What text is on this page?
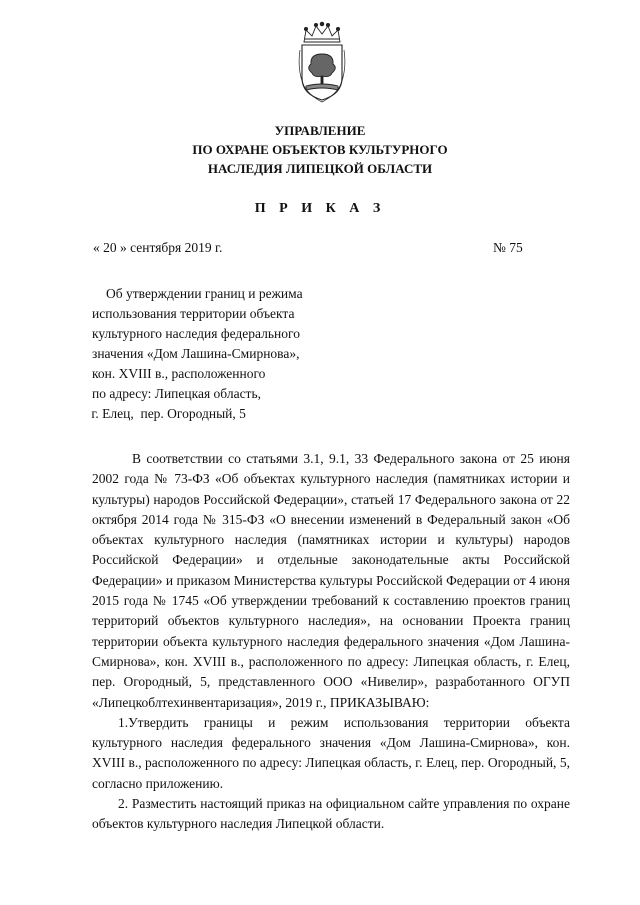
УПРАВЛЕНИЕ
ПО ОХРАНЕ ОБЪЕКТОВ КУЛЬТУРНОГО
НАСЛЕДИЯ ЛИПЕЦКОЙ ОБЛАСТИ
П Р И К А З
« 20 » сентября 2019 г.	№ 75
Об утверждении границ и режима
использования территории объекта
культурного наследия федерального
значения «Дом Лашина-Смирнова»,
кон. XVIII в., расположенного
по адресу: Липецкая область,
г. Елец,  пер. Огородный, 5

В соответствии со статьями 3.1, 9.1, 33 Федерального закона от 25 июня 2002 года № 73-ФЗ «Об объектах культурного наследия (памятниках истории и культуры) народов Российской Федерации», статьей 17 Федерального закона от 22 октября 2014 года № 315-ФЗ «О внесении изменений в Федеральный закон «Об объектах культурного наследия (памятниках истории и культуры) народов Российской Федерации» и отдельные законодательные акты Российской Федерации» и приказом Министерства культуры Российской Федерации от 4 июня 2015 года № 1745 «Об утверждении требований к составлению проектов границ территорий объектов культурного наследия», на основании Проекта границ территории объекта культурного наследия федерального значения «Дом Лашина-Смирнова», кон. XVIII в., расположенного по адресу: Липецкая область, г. Елец, пер. Огородный, 5, представленного ООО «Нивелир», разработанного ОГУП «Липецкоблтехинвентаризация», 2019 г., ПРИКАЗЫВАЮ:

1.Утвердить границы и режим использования территории объекта культурного наследия федерального значения «Дом Лашина-Смирнова», кон. XVIII в., расположенного по адресу: Липецкая область, г. Елец, пер. Огородный, 5, согласно приложению.

2. Разместить настоящий приказ на официальном сайте управления по охране объектов культурного наследия Липецкой области.
